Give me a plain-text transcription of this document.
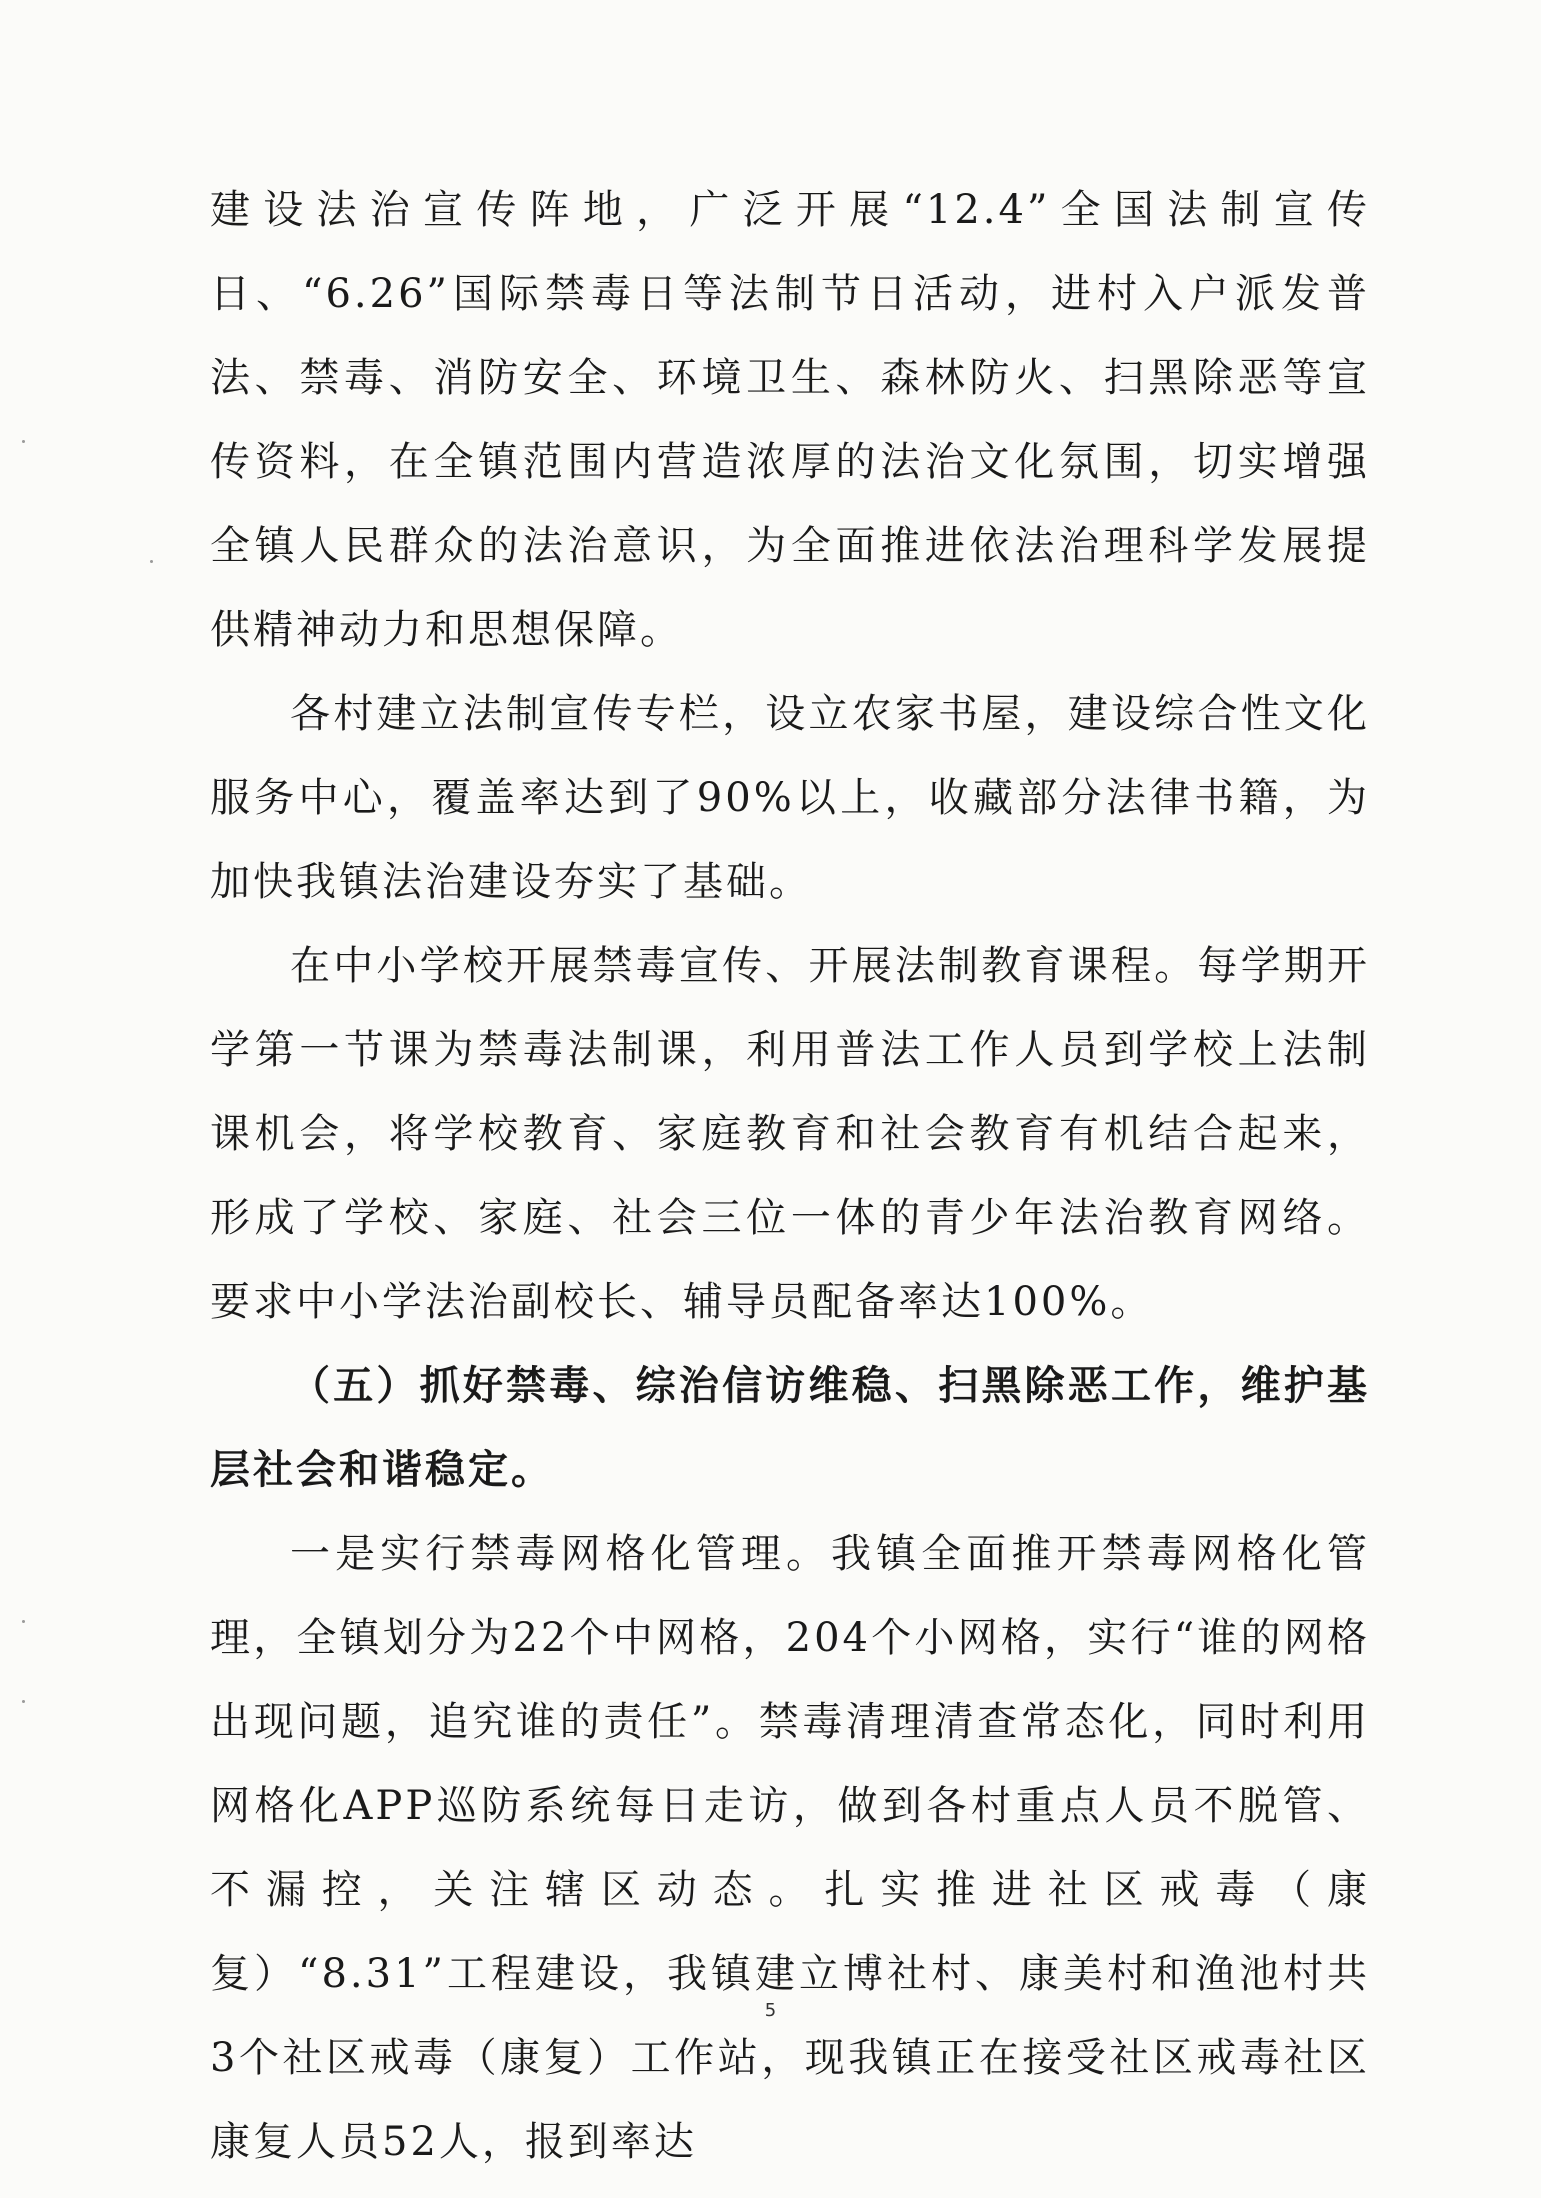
建设法治宣传阵地，广泛开展“12.4”全国法制宣传日、“6.26”国际禁毒日等法制节日活动，进村入户派发普法、禁毒、消防安全、环境卫生、森林防火、扫黑除恶等宣传资料，在全镇范围内营造浓厚的法治文化氛围，切实增强全镇人民群众的法治意识，为全面推进依法治理科学发展提供精神动力和思想保障。

各村建立法制宣传专栏，设立农家书屋，建设综合性文化服务中心，覆盖率达到了90%以上，收藏部分法律书籍，为加快我镇法治建设夯实了基础。

在中小学校开展禁毒宣传、开展法制教育课程。每学期开学第一节课为禁毒法制课，利用普法工作人员到学校上法制课机会，将学校教育、家庭教育和社会教育有机结合起来，形成了学校、家庭、社会三位一体的青少年法治教育网络。要求中小学法治副校长、辅导员配备率达100%。

（五）抓好禁毒、综治信访维稳、扫黑除恶工作，维护基层社会和谐稳定。

一是实行禁毒网格化管理。我镇全面推开禁毒网格化管理，全镇划分为22个中网格，204个小网格，实行“谁的网格出现问题，追究谁的责任”。禁毒清理清查常态化，同时利用网格化APP巡防系统每日走访，做到各村重点人员不脱管、不漏控，关注辖区动态。扎实推进社区戒毒（康复）“8.31”工程建设，我镇建立博社村、康美村和渔池村共3个社区戒毒（康复）工作站，现我镇正在接受社区戒毒社区康复人员52人，报到率达

5
